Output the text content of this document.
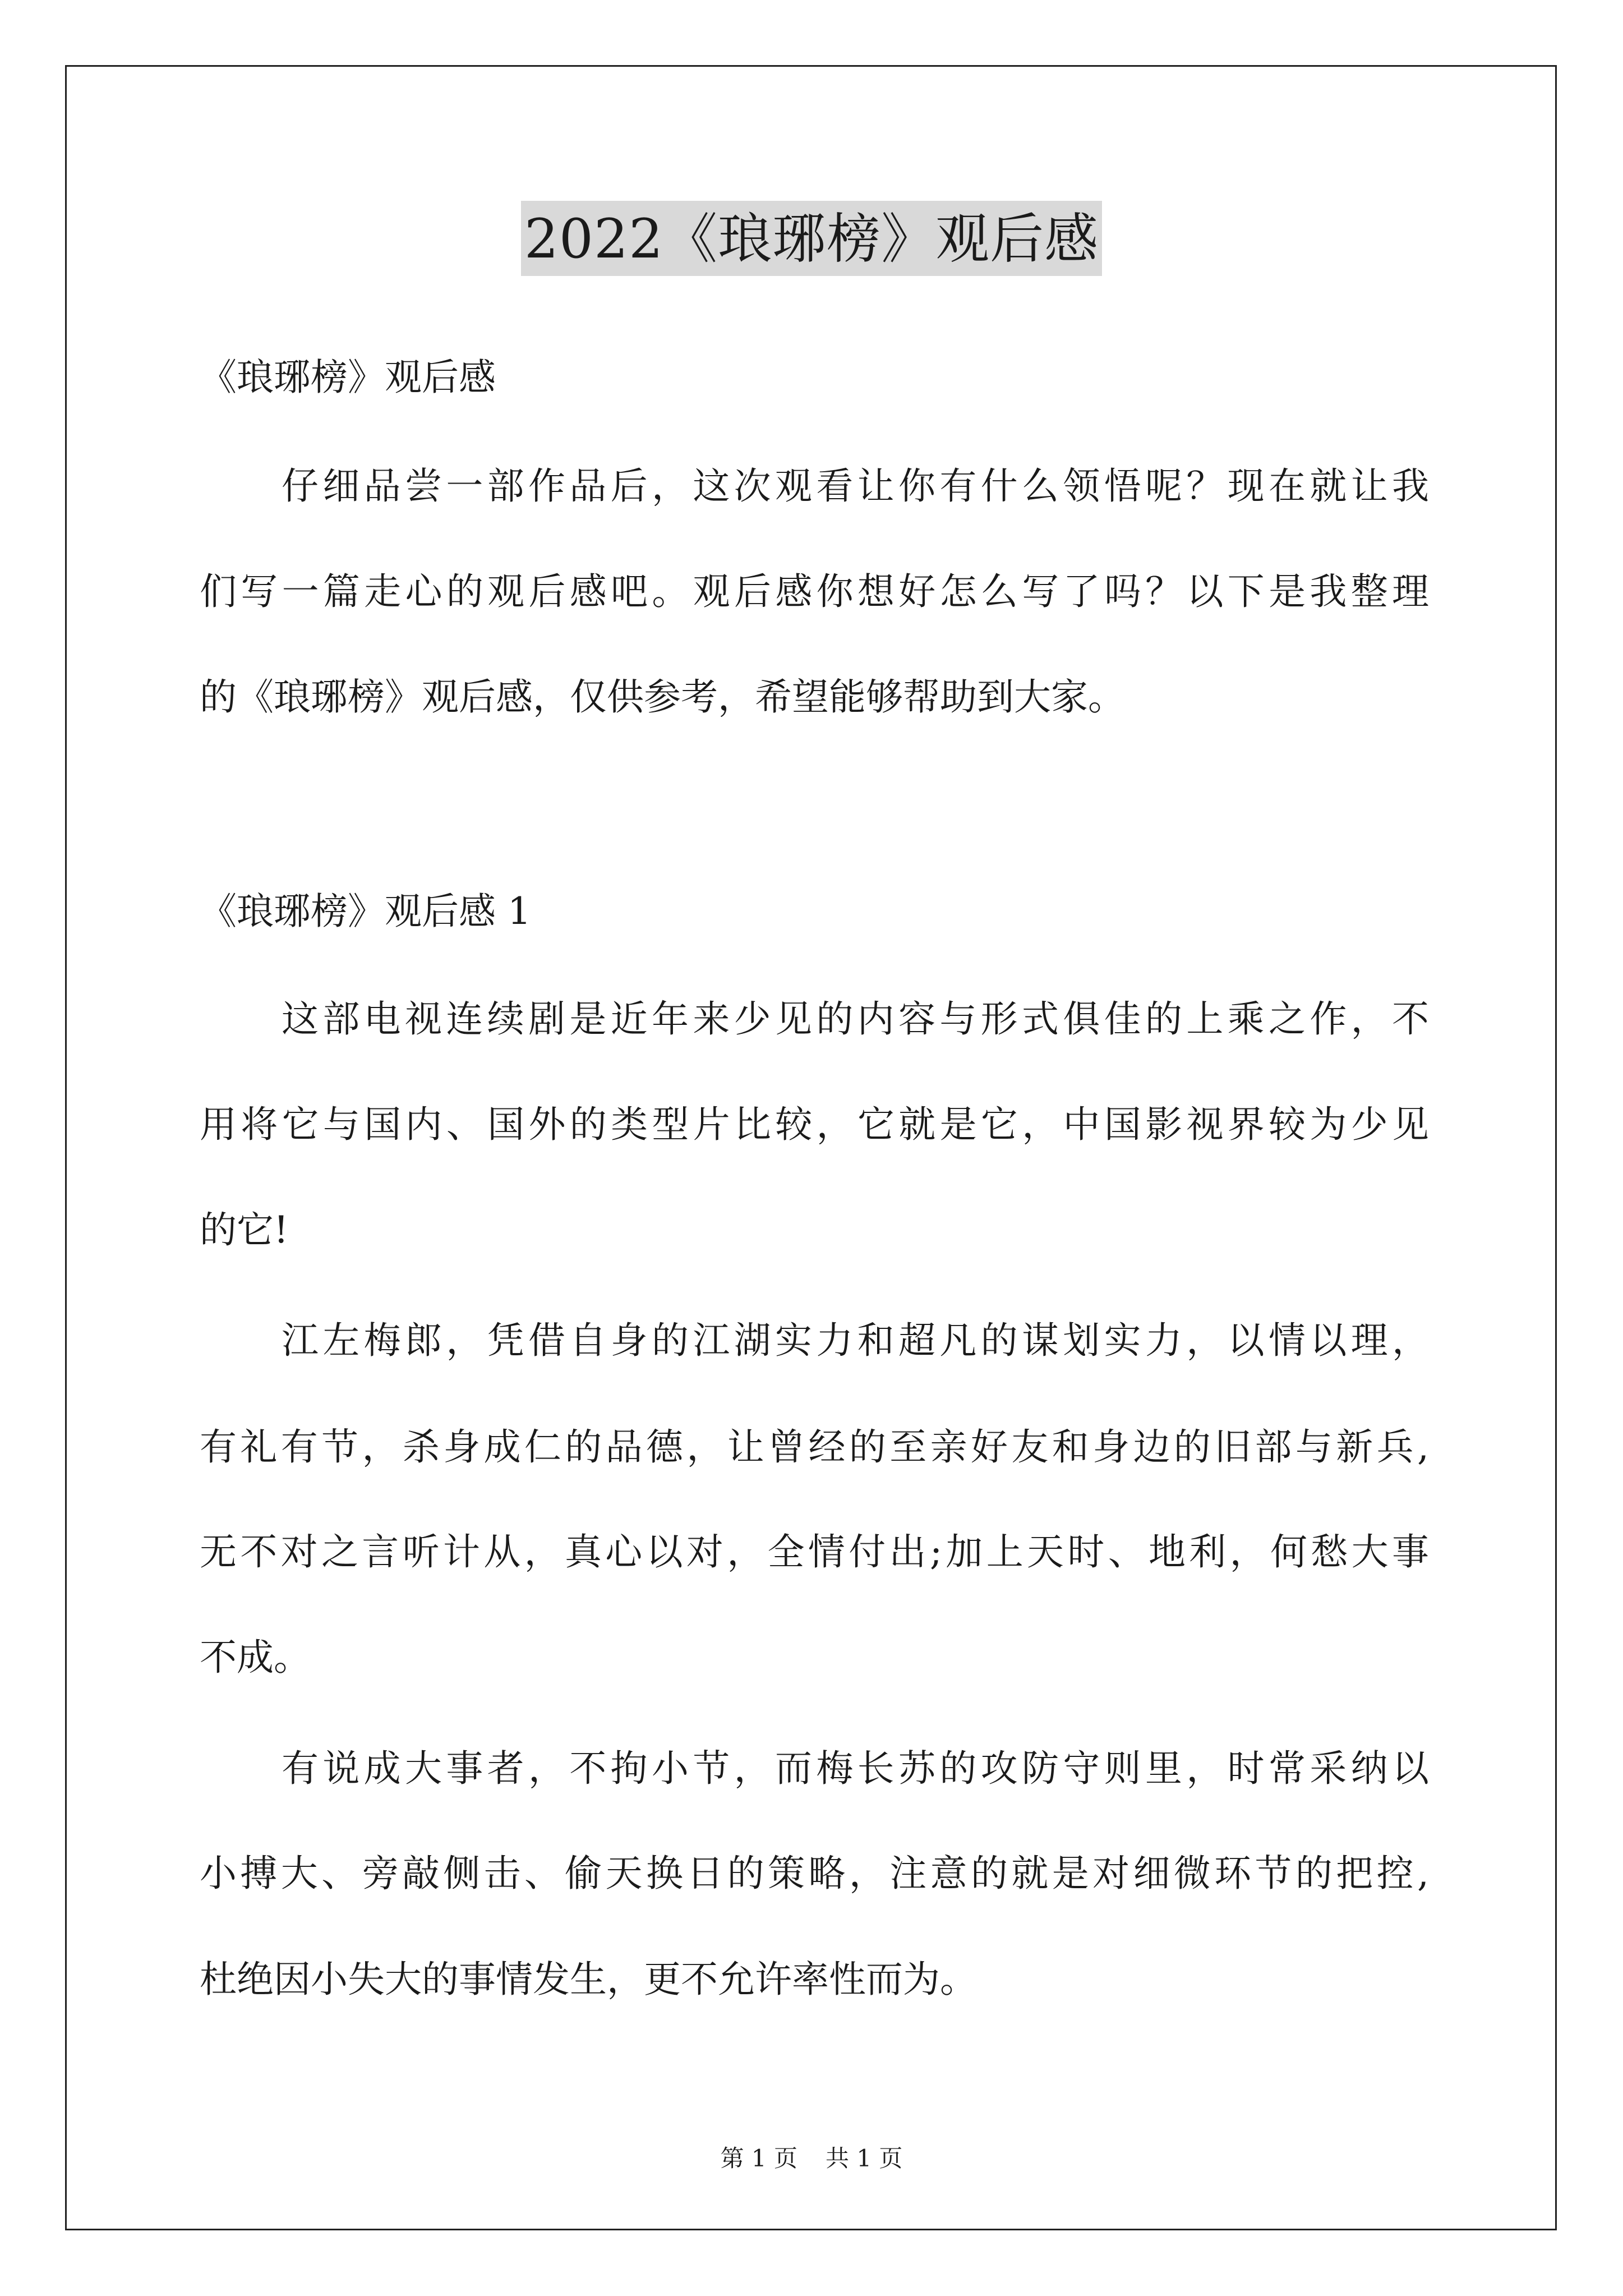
2022《琅琊榜》观后感
《琅琊榜》观后感
仔细品尝一部作品后，这次观看让你有什么领悟呢？现在就让我
们写一篇走心的观后感吧。观后感你想好怎么写了吗？以下是我整理
的《琅琊榜》观后感，仅供参考，希望能够帮助到大家。
《琅琊榜》观后感 1
这部电视连续剧是近年来少见的内容与形式俱佳的上乘之作，不
用将它与国内、国外的类型片比较，它就是它，中国影视界较为少见
的它!
江左梅郎，凭借自身的江湖实力和超凡的谋划实力，以情以理，
有礼有节，杀身成仁的品德，让曾经的至亲好友和身边的旧部与新兵,
无不对之言听计从，真心以对，全情付出;加上天时、地利，何愁大事
不成。
有说成大事者，不拘小节，而梅长苏的攻防守则里，时常采纳以
小搏大、旁敲侧击、偷天换日的策略，注意的就是对细微环节的把控,
杜绝因小失大的事情发生，更不允许率性而为。
第 1 页 共 1 页
